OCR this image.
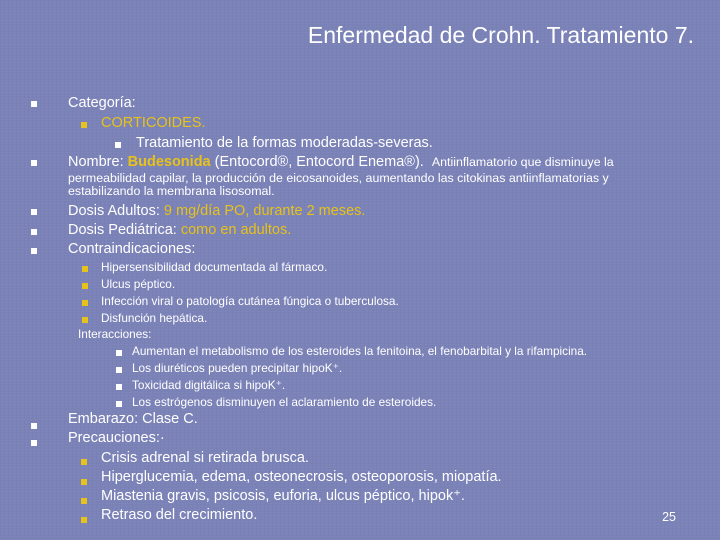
Enfermedad de Crohn. Tratamiento 7.
Categoría:
CORTICOIDES.
Tratamiento de la formas moderadas-severas.
Nombre: Budesonida (Entocord®, Entocord Enema®). Antiinflamatorio que disminuye la
permeabilidad capilar, la producción de eicosanoides, aumentando las citokinas antiinflamatorias y
estabilizando la membrana lisosomal.
Dosis Adultos: 9 mg/día PO, durante 2 meses.
Dosis Pediátrica: como en adultos.
Contraindicaciones:
Hipersensibilidad documentada al fármaco.
Ulcus péptico.
Infección viral o patología cutánea fúngica o tuberculosa.
Disfunción hepática.
Interacciones:
Aumentan el metabolismo de los esteroides la fenitoina, el fenobarbital y la rifampicina.
Los diuréticos pueden precipitar hipoK⁺.
Toxicidad digitálica si hipoK⁺.
Los estrógenos disminuyen el aclaramiento de esteroides.
Embarazo: Clase C.
Precauciones:·
Crisis adrenal si retirada brusca.
Hiperglucemia, edema, osteonecrosis, osteoporosis, miopatía.
Miastenia gravis, psicosis, euforia, ulcus péptico, hipok⁺.
Retraso del crecimiento.	25
